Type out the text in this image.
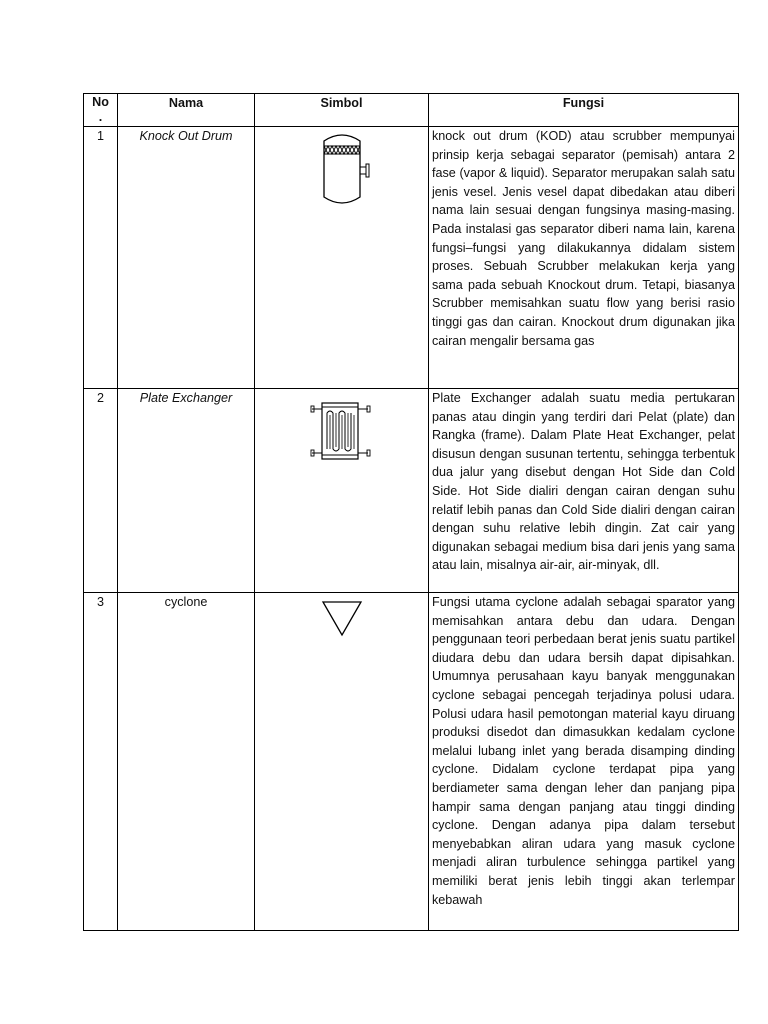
No
.	Nama	Simbol	Fungsi
1	Knock Out Drum		knock out drum (KOD) atau scrubber mempunyai prinsip kerja sebagai separator (pemisah) antara 2 fase (vapor & liquid). Separator merupakan salah satu jenis vesel. Jenis vesel dapat dibedakan atau diberi nama lain sesuai dengan fungsinya masing-masing. Pada instalasi gas separator diberi nama lain, karena fungsi–fungsi yang dilakukannya didalam sistem proses. Sebuah Scrubber melakukan kerja yang sama pada sebuah Knockout drum. Tetapi, biasanya Scrubber memisahkan suatu flow yang berisi rasio tinggi gas dan cairan. Knockout drum digunakan jika cairan mengalir bersama gas
2	Plate Exchanger		Plate Exchanger adalah suatu media pertukaran panas atau dingin yang terdiri dari Pelat (plate) dan Rangka (frame). Dalam Plate Heat Exchanger, pelat disusun dengan susunan tertentu, sehingga terbentuk dua jalur yang disebut dengan Hot Side dan Cold Side. Hot Side dialiri dengan cairan dengan suhu relatif lebih panas dan Cold Side dialiri dengan cairan dengan suhu relative lebih dingin. Zat cair yang digunakan sebagai medium bisa dari jenis yang sama atau lain, misalnya air-air, air-minyak, dll.
3	cyclone		Fungsi utama cyclone adalah sebagai sparator yang memisahkan antara debu dan udara. Dengan penggunaan teori perbedaan berat jenis suatu partikel diudara debu dan udara bersih dapat dipisahkan. Umumnya perusahaan kayu banyak menggunakan cyclone sebagai pencegah terjadinya polusi udara. Polusi udara hasil pemotongan material kayu diruang produksi disedot dan dimasukkan kedalam cyclone melalui lubang inlet yang berada disamping dinding cyclone. Didalam cyclone terdapat pipa yang berdiameter sama dengan leher dan panjang pipa hampir sama dengan panjang atau tinggi dinding cyclone. Dengan adanya pipa dalam tersebut menyebabkan aliran udara yang masuk cyclone menjadi aliran turbulence sehingga partikel yang memiliki berat jenis lebih tinggi akan terlempar kebawah
